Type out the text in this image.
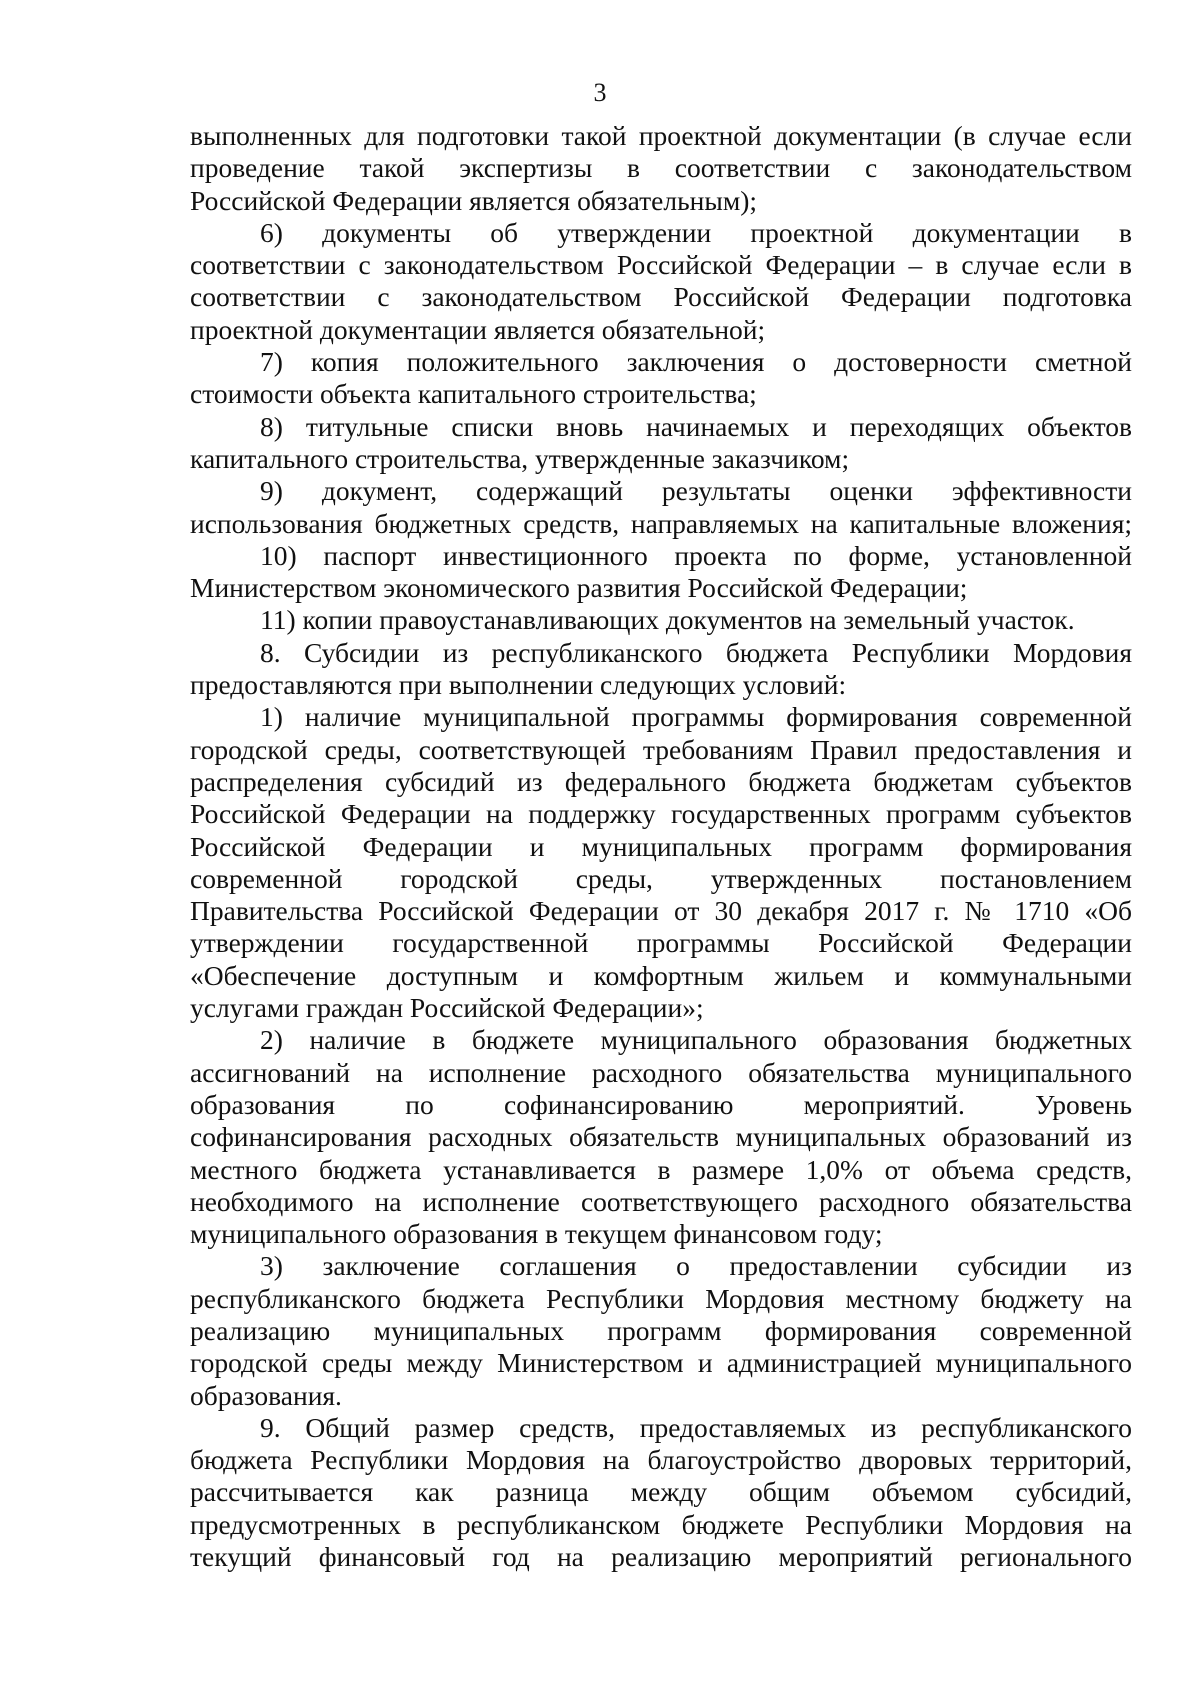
3
выполненных для подготовки такой проектной документации (в случае если
проведение такой экспертизы в соответствии с законодательством
Российской Федерации является обязательным);
6) документы об утверждении проектной документации в
соответствии с законодательством Российской Федерации – в случае если в
соответствии с законодательством Российской Федерации подготовка
проектной документации является обязательной;
7) копия положительного заключения о достоверности сметной
стоимости объекта капитального строительства;
8) титульные списки вновь начинаемых и переходящих объектов
капитального строительства, утвержденные заказчиком;
9) документ, содержащий результаты оценки эффективности
использования бюджетных средств, направляемых на капитальные вложения;
10) паспорт инвестиционного проекта по форме, установленной
Министерством экономического развития Российской Федерации;
11) копии правоустанавливающих документов на земельный участок.
8. Субсидии из республиканского бюджета Республики Мордовия
предоставляются при выполнении следующих условий:
1) наличие муниципальной программы формирования современной
городской среды, соответствующей требованиям Правил предоставления и
распределения субсидий из федерального бюджета бюджетам субъектов
Российской Федерации на поддержку государственных программ субъектов
Российской Федерации и муниципальных программ формирования
современной городской среды, утвержденных постановлением
Правительства Российской Федерации от 30 декабря 2017 г. № 1710 «Об
утверждении государственной программы Российской Федерации
«Обеспечение доступным и комфортным жильем и коммунальными
услугами граждан Российской Федерации»;
2) наличие в бюджете муниципального образования бюджетных
ассигнований на исполнение расходного обязательства муниципального
образования по софинансированию мероприятий. Уровень
софинансирования расходных обязательств муниципальных образований из
местного бюджета устанавливается в размере 1,0% от объема средств,
необходимого на исполнение соответствующего расходного обязательства
муниципального образования в текущем финансовом году;
3) заключение соглашения о предоставлении субсидии из
республиканского бюджета Республики Мордовия местному бюджету на
реализацию муниципальных программ формирования современной
городской среды между Министерством и администрацией муниципального
образования.
9. Общий размер средств, предоставляемых из республиканского
бюджета Республики Мордовия на благоустройство дворовых территорий,
рассчитывается как разница между общим объемом субсидий,
предусмотренных в республиканском бюджете Республики Мордовия на
текущий финансовый год на реализацию мероприятий регионального
